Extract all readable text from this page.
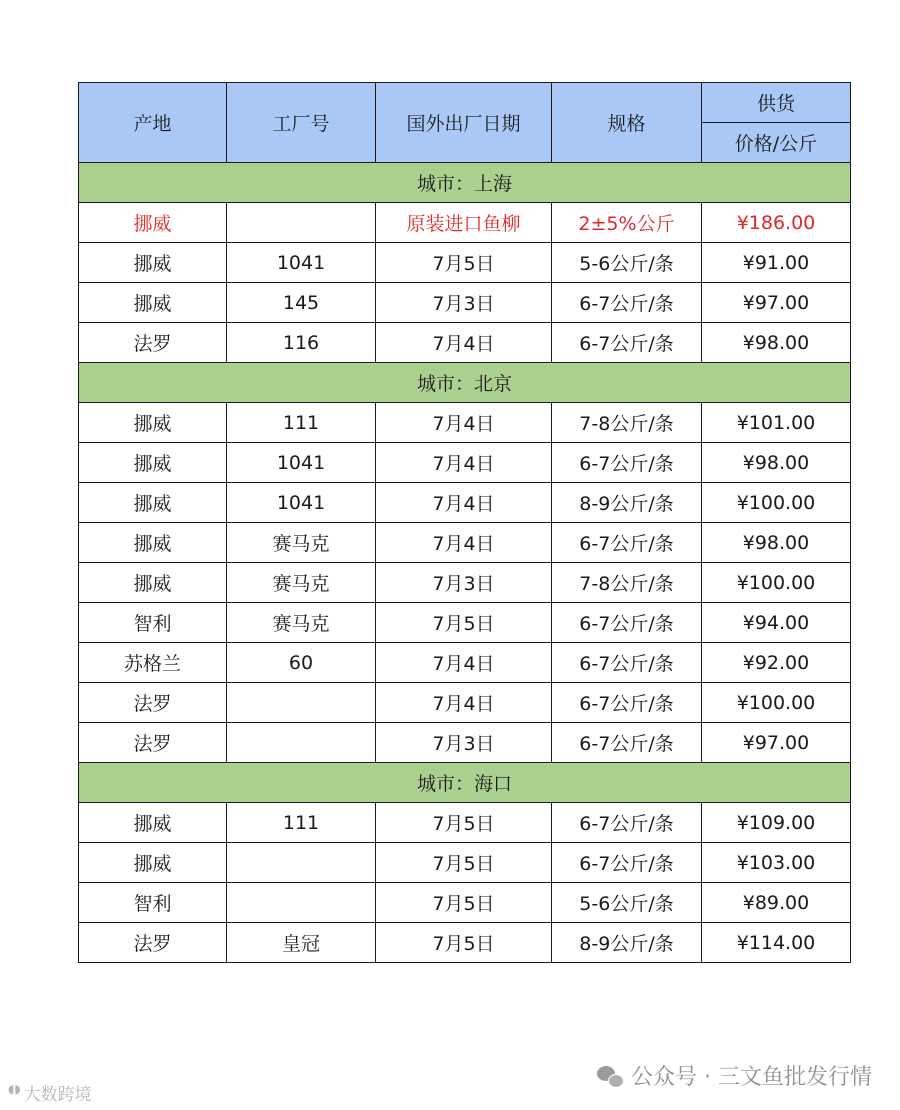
产地	工厂号	国外出厂日期	规格	供货
				价格/公斤
城市：上海				
挪威		原装进口鱼柳	2±5%公斤	¥186.00
挪威	1041	7月5日	5-6公斤/条	¥91.00
挪威	145	7月3日	6-7公斤/条	¥97.00
法罗	116	7月4日	6-7公斤/条	¥98.00
城市：北京				
挪威	111	7月4日	7-8公斤/条	¥101.00
挪威	1041	7月4日	6-7公斤/条	¥98.00
挪威	1041	7月4日	8-9公斤/条	¥100.00
挪威	赛马克	7月4日	6-7公斤/条	¥98.00
挪威	赛马克	7月3日	7-8公斤/条	¥100.00
智利	赛马克	7月5日	6-7公斤/条	¥94.00
苏格兰	60	7月4日	6-7公斤/条	¥92.00
法罗		7月4日	6-7公斤/条	¥100.00
法罗		7月3日	6-7公斤/条	¥97.00
城市：海口				
挪威	111	7月5日	6-7公斤/条	¥109.00
挪威		7月5日	6-7公斤/条	¥103.00
智利		7月5日	5-6公斤/条	¥89.00
法罗	皇冠	7月5日	8-9公斤/条	¥114.00
◖◗ 大数跨境
公众号 · 三文鱼批发行情
